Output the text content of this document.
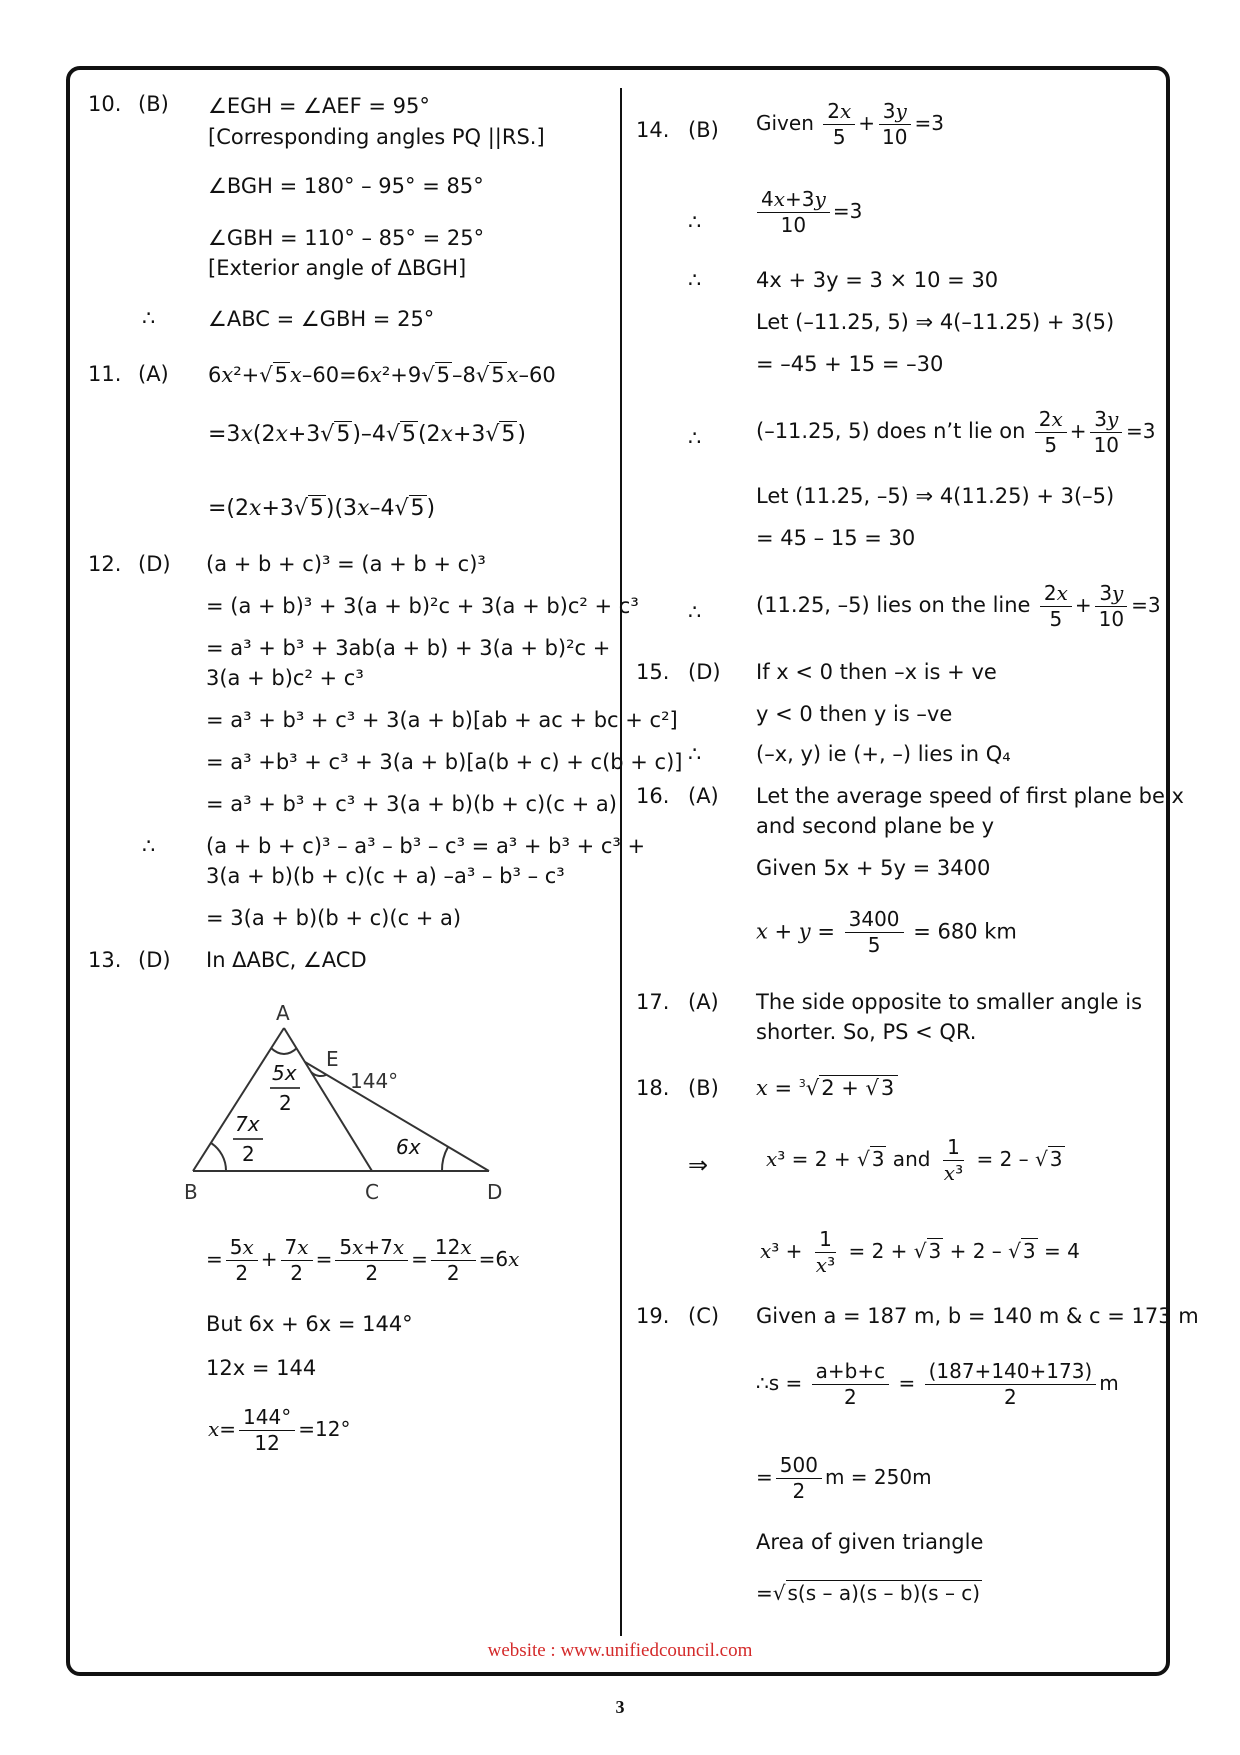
10. (B) ∠EGH = ∠AEF = 95°
[Corresponding angles PQ ||RS.]
∠BGH = 180° – 95° = 85°
∠GBH = 110° – 85° = 25°
[Exterior angle of ΔBGH]
∴	∠ABC = ∠GBH = 25°
11. (A) 6x²+√5x–60=6x²+9√5–8√5x–60
=3x(2x+3√5)–4√5(2x+3√5)
=(2x+3√5)(3x–4√5)
12. (D) (a + b + c)³ = (a + b + c)³
= (a + b)³ + 3(a + b)²c + 3(a + b)c² + c³
= a³ + b³ + 3ab(a + b) + 3(a + b)²c +
3(a + b)c² + c³
= a³ + b³ + c³ + 3(a + b)[ab + ac + bc + c²]
= a³ +b³ + c³ + 3(a + b)[a(b + c) + c(b + c)]
= a³ + b³ + c³ + 3(a + b)(b + c)(c + a)
∴ (a + b + c)³ – a³ – b³ – c³ = a³ + b³ + c³ +
3(a + b)(b + c)(c + a) –a³ – b³ – c³
= 3(a + b)(b + c)(c + a)
13. (D) In ΔABC, ∠ACD
A
B	C	D
E
144°
5x
2
7x
2	6x
= $\frac{5x}{2} + \frac{7x}{2} = \frac{5x+7x}{2} = \frac{12x}{2} =6x$
But 6x + 6x = 144°
12x = 144
$x= \frac{144^\circ}{12} =12^\circ$
14. (B) Given $\frac{2x}{5} + \frac{3y}{10} =3$
∴	$\frac{4x+3y}{10} =3$
∴	4x + 3y = 3 × 10 = 30
Let (–11.25, 5) ⇒ 4(–11.25) + 3(5)
= –45 + 15 = –30
∴	(–11.25, 5) does n’t lie on $\frac{2x}{5} + \frac{3y}{10} =3$
Let (11.25, –5) ⇒ 4(11.25) + 3(–5)
= 45 – 15 = 30
∴	(11.25, –5) lies on the line $\frac{2x}{5} + \frac{3y}{10} =3$
15. (D) If x < 0 then –x is + ve
y < 0 then y is –ve
∴	(–x, y) ie (+, –) lies in Q₄
16. (A) Let the average speed of first plane be x
and second plane be y
Given 5x + 5y = 3400
$x + y = \frac{3400}{5} = 680$ km
17. (A) The side opposite to smaller angle is
shorter. So, PS < QR.
18. (B) x = $^3$√2 + √3
⇒	x³ = 2 + √ 3 and $\frac{1}{\text{x³}} = 2$ – √ 3
$x^3 + \frac{1}{\text{x³}} = 2$ + √ 3 + 2 – √ 3 = 4
19. (C) Given a = 187 m, b = 140 m & c = 173 m
∴s = $\frac{a+b+c}{2} = \frac{(187+140+173)}{2}$ m
= $\frac{500}{2}$ m = 250m
Area of given triangle
=√ s(s – a)(s – b)(s – c)
website : www.unifiedcouncil.com
3
